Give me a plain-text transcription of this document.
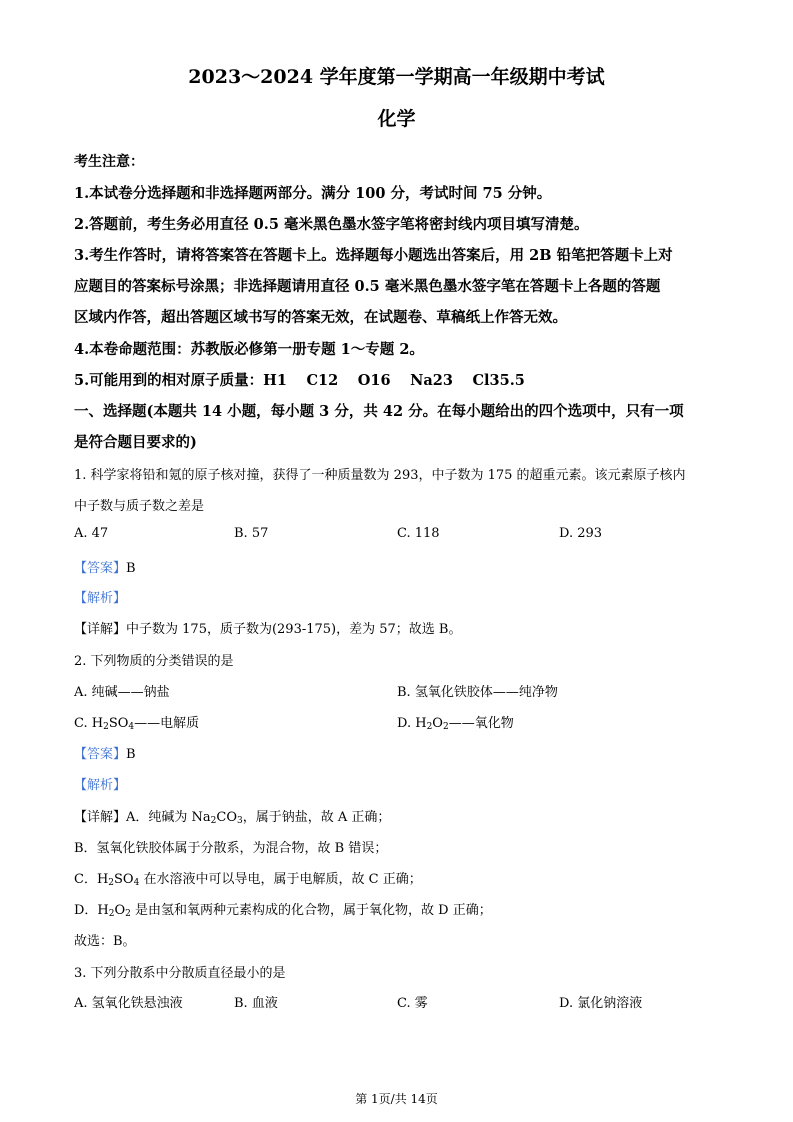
2023～2024 学年度第一学期高一年级期中考试
化学
考生注意：
1.本试卷分选择题和非选择题两部分。满分 100 分，考试时间 75 分钟。
2.答题前，考生务必用直径 0.5 毫米黑色墨水签字笔将密封线内项目填写清楚。
3.考生作答时，请将答案答在答题卡上。选择题每小题选出答案后，用 2B 铅笔把答题卡上对
应题目的答案标号涂黑；非选择题请用直径 0.5 毫米黑色墨水签字笔在答题卡上各题的答题
区域内作答，超出答题区域书写的答案无效，在试题卷、草稿纸上作答无效。
4.本卷命题范围：苏教版必修第一册专题 1～专题 2。
5.可能用到的相对原子质量：H1　 C12　 O16　 Na23　 Cl35.5
一、选择题(本题共 14 小题，每小题 3 分，共 42 分。在每小题给出的四个选项中，只有一项
是符合题目要求的)
1. 科学家将铅和氪的原子核对撞，获得了一种质量数为 293，中子数为 175 的超重元素。该元素原子核内
中子数与质子数之差是
A. 47	B. 57	C. 118	D. 293
【答案】B
【解析】
【详解】中子数为 175，质子数为(293-175)，差为 57；故选 B。
2. 下列物质的分类错误的是
A. 纯碱——钠盐	B. 氢氧化铁胶体——纯净物
C. $H_2SO_4——$电解质	D. $H_2O_2——$氧化物
【答案】B
【解析】
【详解】A．纯碱为 $Na_2CO_3$，属于钠盐，故 A 正确；
B．氢氧化铁胶体属于分散系，为混合物，故 B 错误；
C．$H_2SO_4$ 在水溶液中可以导电，属于电解质，故 C 正确；
D．$H_2O_2$ 是由氢和氧两种元素构成的化合物，属于氧化物，故 D 正确；
故选：B。
3. 下列分散系中分散质直径最小的是
A. 氢氧化铁悬浊液	B. 血液	C. 雾	D. 氯化钠溶液
第 1页/共 14页
